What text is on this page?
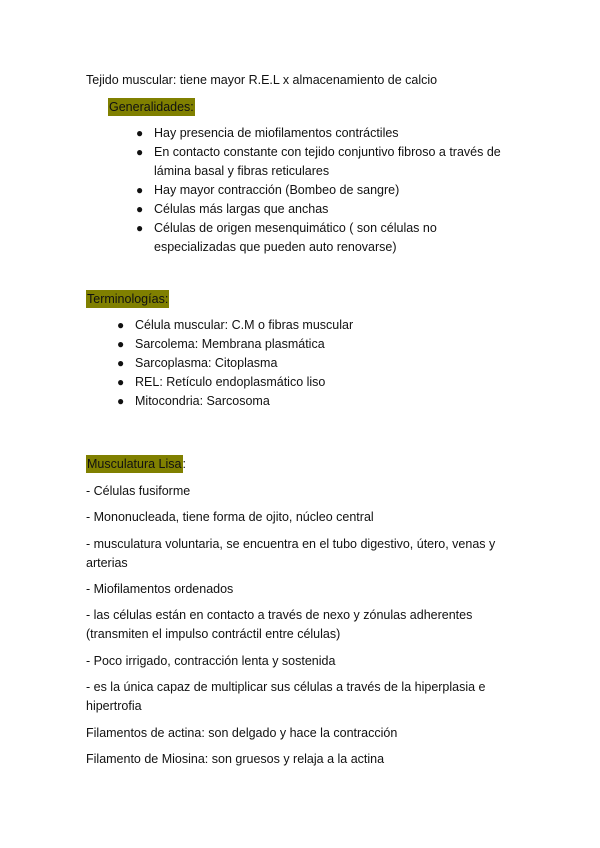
Tejido muscular: tiene mayor R.E.L x almacenamiento de calcio
Generalidades:
● Hay presencia de miofilamentos contráctiles
● En contacto constante con tejido conjuntivo fibroso a través de lámina basal y fibras reticulares
● Hay mayor contracción (Bombeo de sangre)
● Células más largas que anchas
● Células de origen mesenquimático ( son células no especializadas que pueden auto renovarse)
Terminologías:
● Célula muscular: C.M o fibras muscular
● Sarcolema: Membrana plasmática
● Sarcoplasma: Citoplasma
● REL: Retículo endoplasmático liso
● Mitocondria: Sarcosoma
Musculatura Lisa:

- Células fusiforme

- Mononucleada, tiene forma de ojito, núcleo central

- musculatura voluntaria, se encuentra en el tubo digestivo, útero, venas y arterias

- Miofilamentos ordenados

- las células están en contacto a través de nexo y zónulas adherentes (transmiten el impulso contráctil entre células)

- Poco irrigado, contracción lenta y sostenida

- es la única capaz de multiplicar sus células a través de la hiperplasia e hipertrofia

Filamentos de actina: son delgado y hace la contracción

Filamento de Miosina: son gruesos y relaja a la actina
